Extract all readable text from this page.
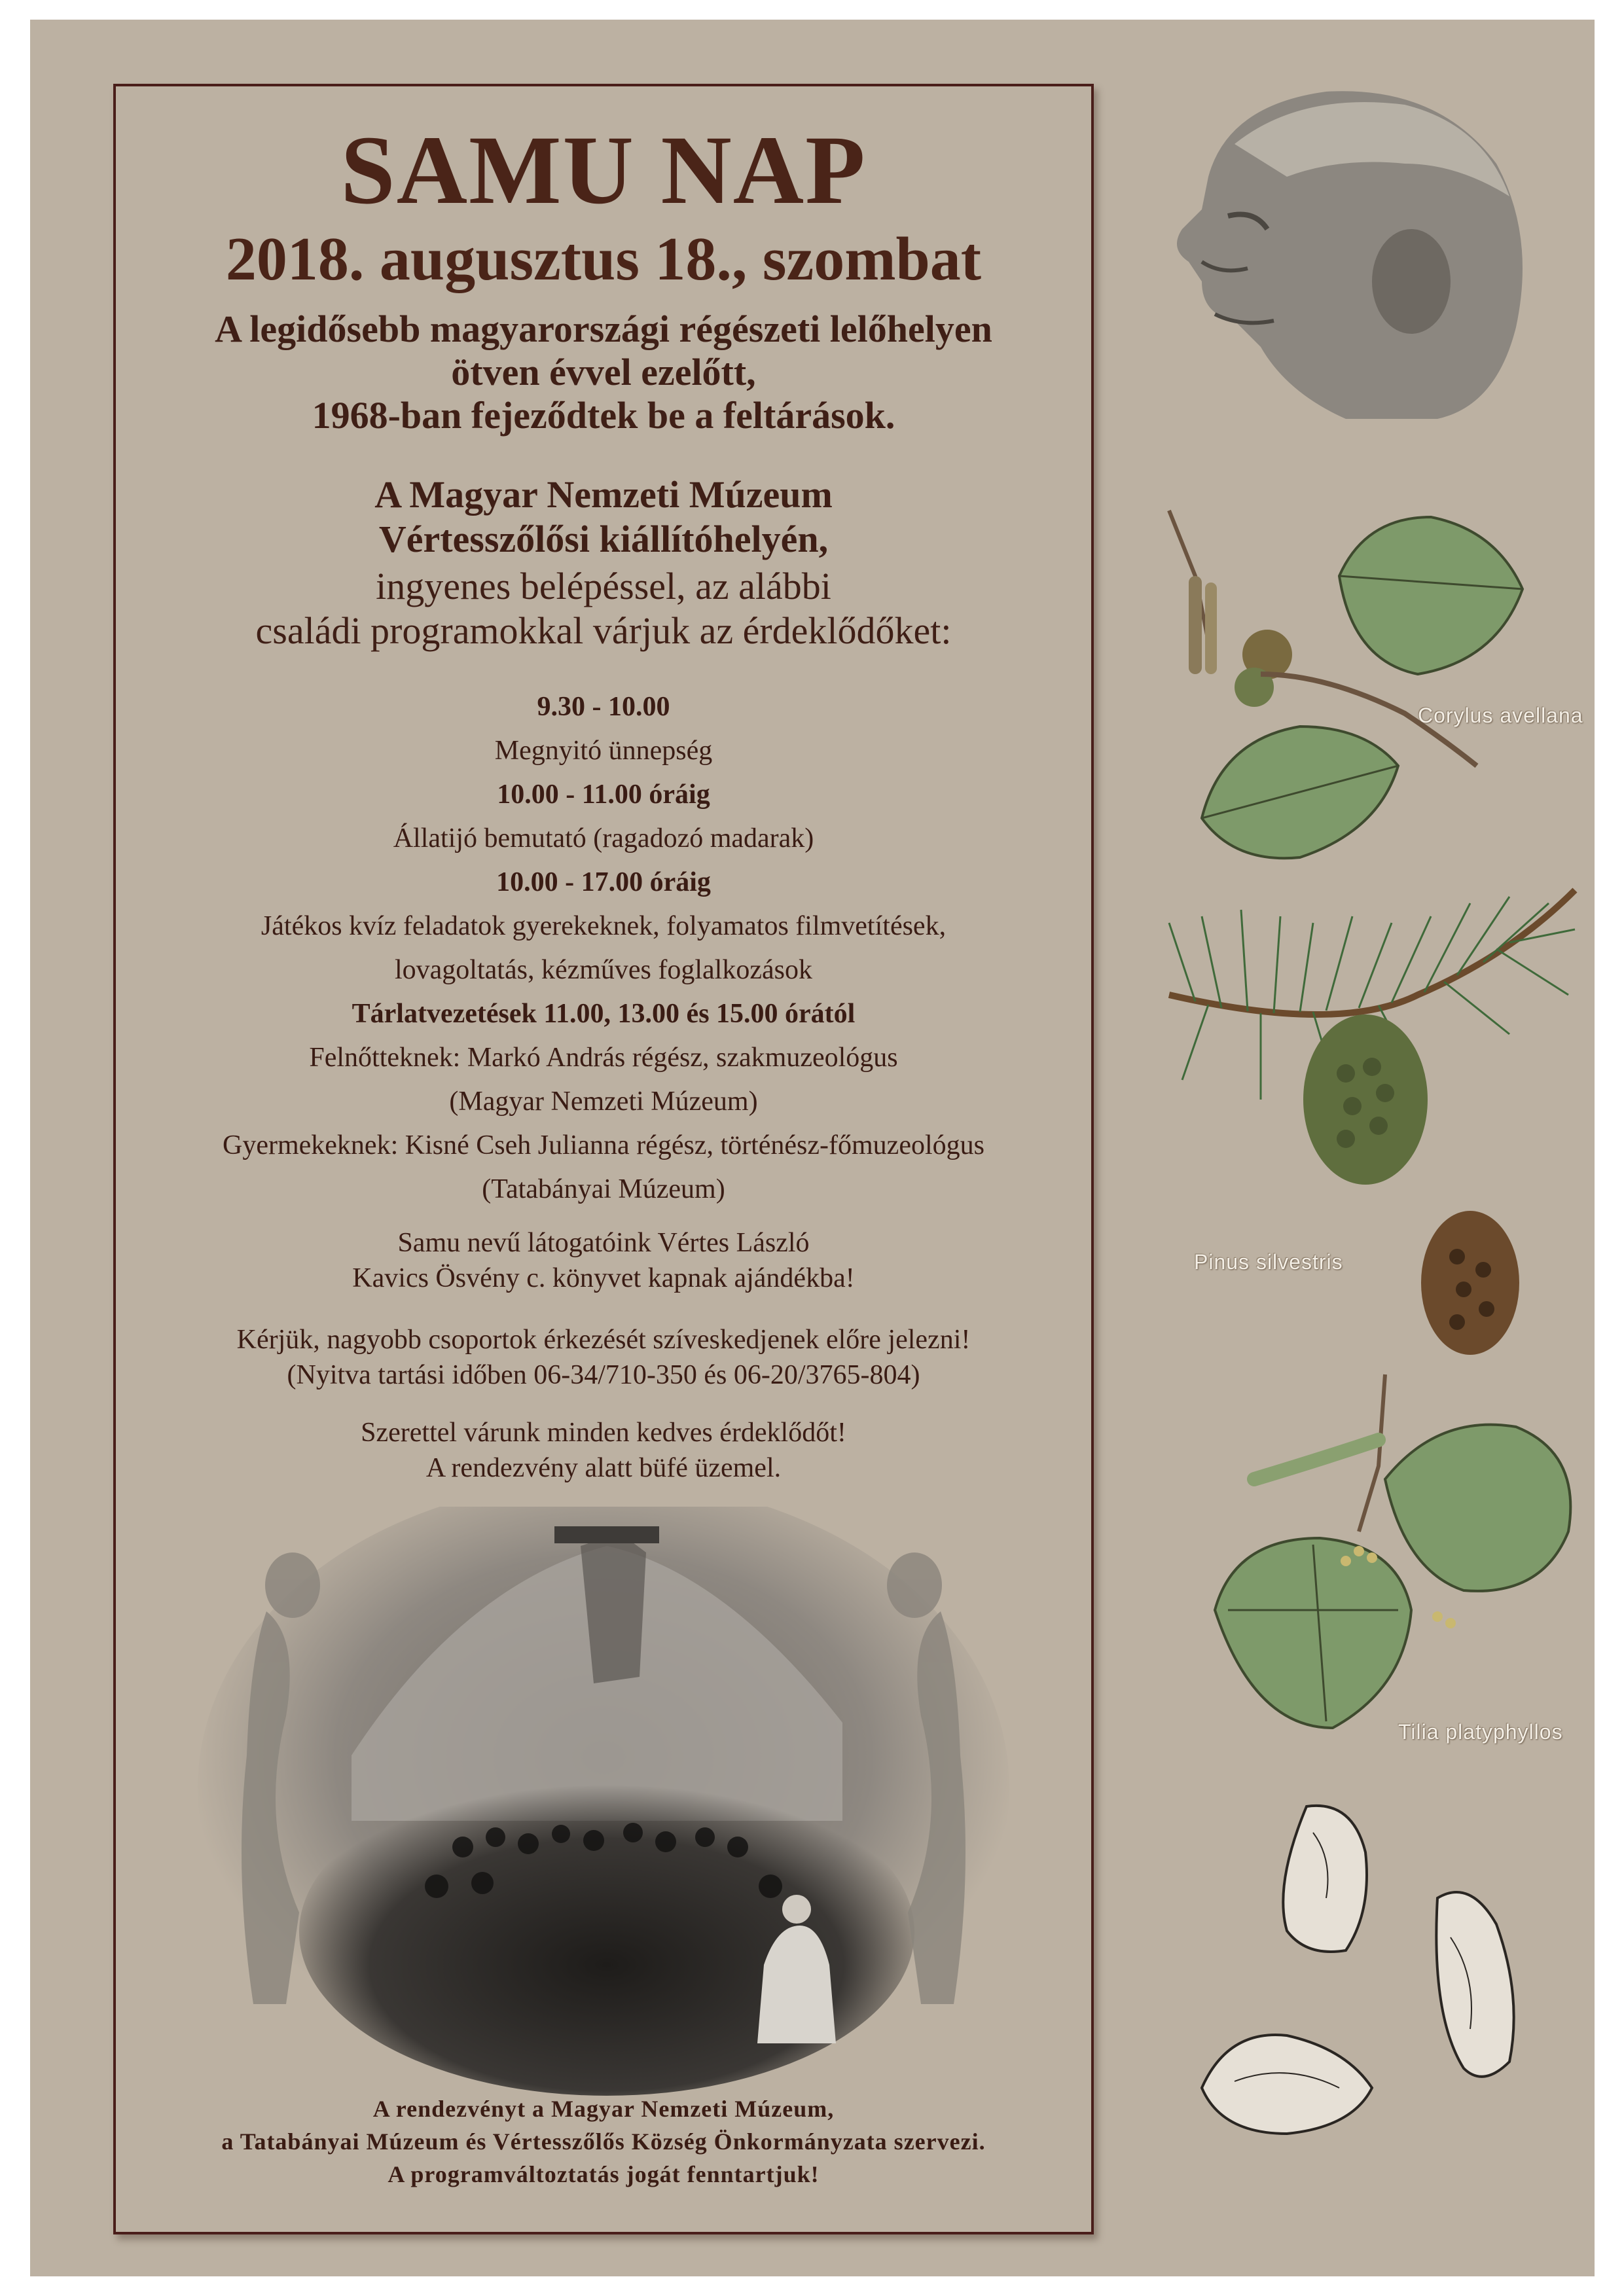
SAMU NAP
2018. augusztus 18., szombat
A legidősebb magyarországi régészeti lelőhelyen
ötven évvel ezelőtt,
1968-ban fejeződtek be a feltárások.
A Magyar Nemzeti Múzeum
Vértesszőlősi kiállítóhelyén,
ingyenes belépéssel, az alábbi
családi programokkal várjuk az érdeklődőket:
9.30 - 10.00
Megnyitó ünnepség
10.00 - 11.00 óráig
Állatijó bemutató (ragadozó madarak)
10.00 - 17.00 óráig
Játékos kvíz feladatok gyerekeknek, folyamatos filmvetítések,
lovagoltatás, kézműves foglalkozások
Tárlatvezetések 11.00, 13.00 és 15.00 órától
Felnőtteknek: Markó András régész, szakmuzeológus
(Magyar Nemzeti Múzeum)
Gyermekeknek: Kisné Cseh Julianna régész, történész-főmuzeológus
(Tatabányai Múzeum)
Samu nevű látogatóink Vértes László
Kavics Ösvény c. könyvet kapnak ajándékba!
Kérjük, nagyobb csoportok érkezését szíveskedjenek előre jelezni!
(Nyitva tartási időben 06-34/710-350 és 06-20/3765-804)
Szerettel várunk minden kedves érdeklődőt!
A rendezvény alatt büfé üzemel.
A rendezvényt a Magyar Nemzeti Múzeum,
a Tatabányai Múzeum és Vértesszőlős Község Önkormányzata szervezi.
A programváltoztatás jogát fenntartjuk!
Corylus avellana
Pinus silvestris
Tilia platyphyllos
